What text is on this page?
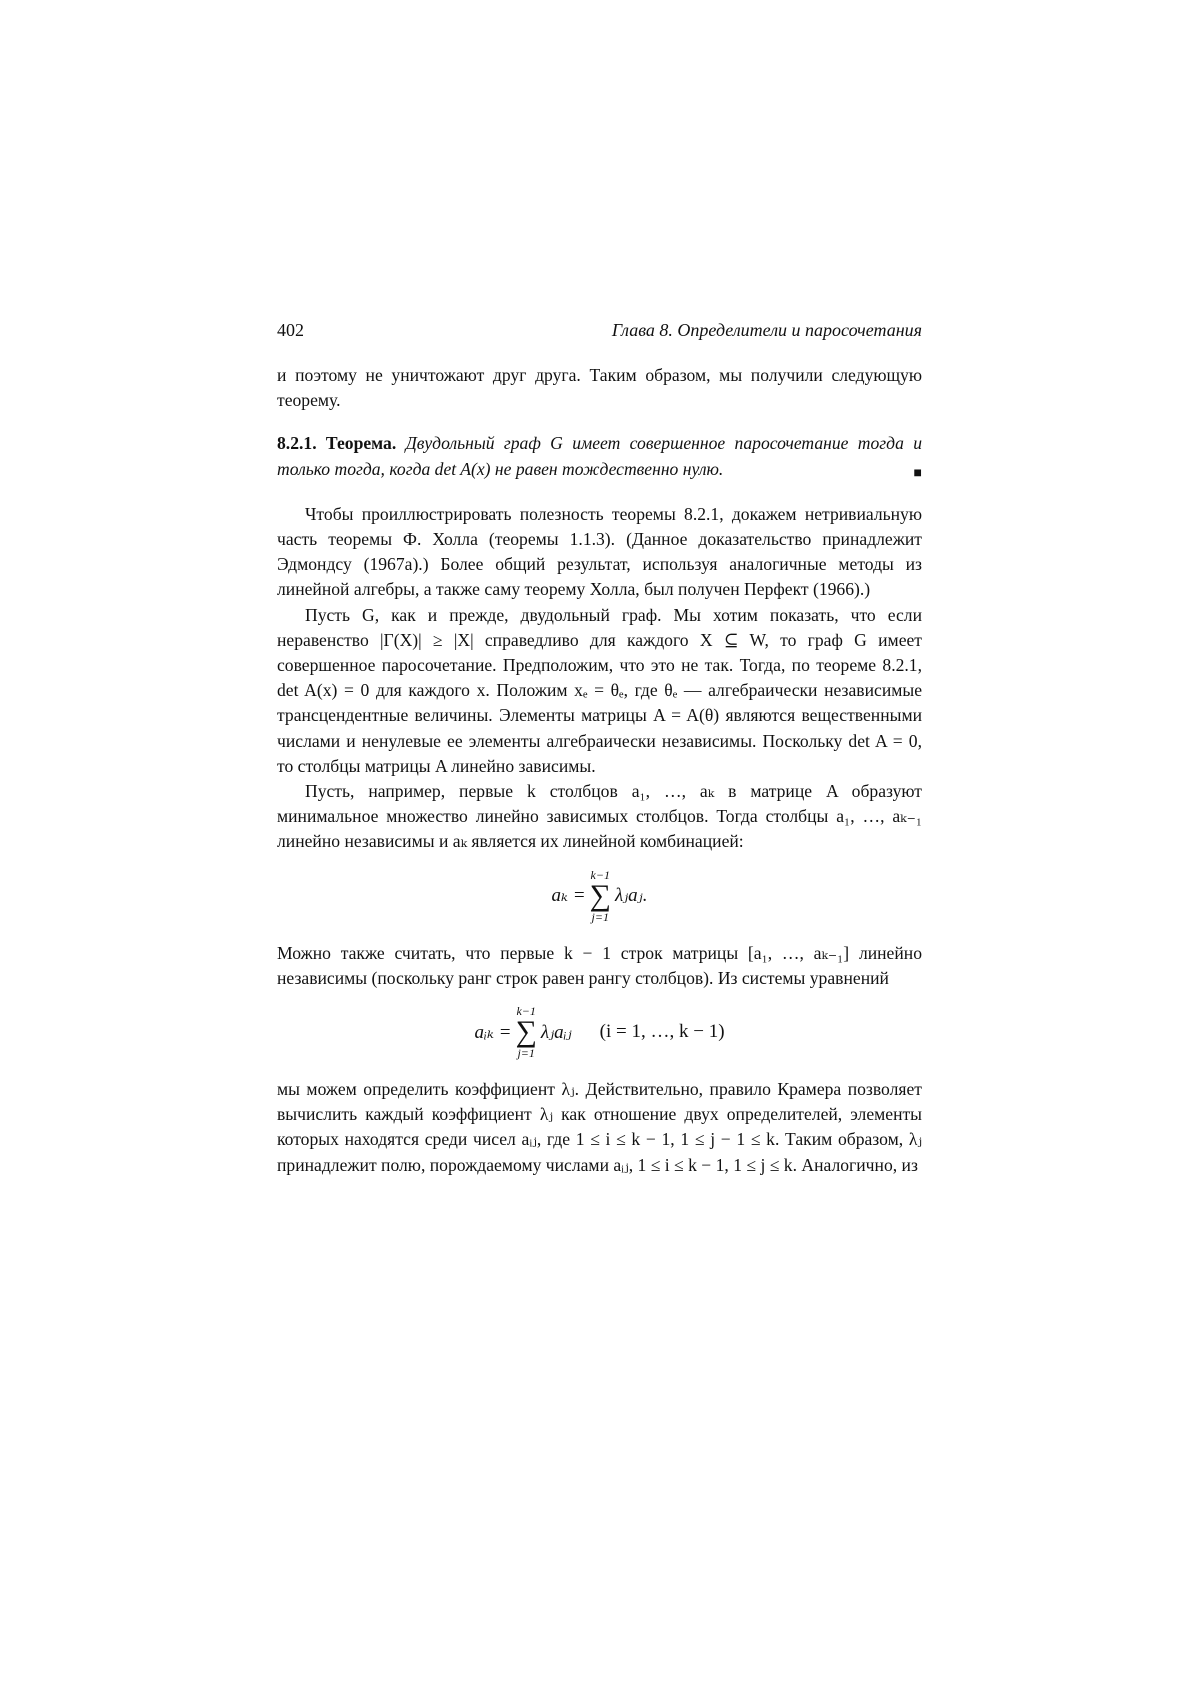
402	Глава 8. Определители и паросочетания

и поэтому не уничтожают друг друга. Таким образом, мы получили следующую теорему.

8.2.1. Теорема. Двудольный граф G имеет совершенное паросочетание тогда и только тогда, когда det A(x) не равен тождественно нулю.	■

Чтобы проиллюстрировать полезность теоремы 8.2.1, докажем нетривиальную часть теоремы Ф. Холла (теоремы 1.1.3). (Данное доказательство принадлежит Эдмондсу (1967а).) Более общий результат, используя аналогичные методы из линейной алгебры, а также саму теорему Холла, был получен Перфект (1966).)

Пусть G, как и прежде, двудольный граф. Мы хотим показать, что если неравенство |Γ(X)| ≥ |X| справедливо для каждого X ⊆ W, то граф G имеет совершенное паросочетание. Предположим, что это не так. Тогда, по теореме 8.2.1, det A(x) = 0 для каждого x. Положим xₑ = θₑ, где θₑ — алгебраически независимые трансцендентные величины. Элементы матрицы A = A(θ) являются вещественными числами и ненулевые ее элементы алгебраически независимы. Поскольку det A = 0, то столбцы матрицы A линейно зависимы.

Пусть, например, первые k столбцов a₁, …, aₖ в матрице A образуют минимальное множество линейно зависимых столбцов. Тогда столбцы a₁, …, aₖ₋₁ линейно независимы и aₖ является их линейной комбинацией:

aₖ =
k−1
∑
j=1
λⱼaⱼ.

Можно также считать, что первые k − 1 строк матрицы [a₁, …, aₖ₋₁] линейно независимы (поскольку ранг строк равен рангу столбцов). Из системы уравнений

aᵢₖ =
k−1
∑
j=1
λⱼaᵢⱼ (i = 1, …, k − 1)

мы можем определить коэффициент λⱼ. Действительно, правило Крамера позволяет вычислить каждый коэффициент λⱼ как отношение двух определителей, элементы которых находятся среди чисел aᵢⱼ, где 1 ≤ i ≤ k − 1, 1 ≤ j − 1 ≤ k. Таким образом, λⱼ принадлежит полю, порождаемому числами aᵢⱼ, 1 ≤ i ≤ k − 1, 1 ≤ j ≤ k. Аналогично, из
